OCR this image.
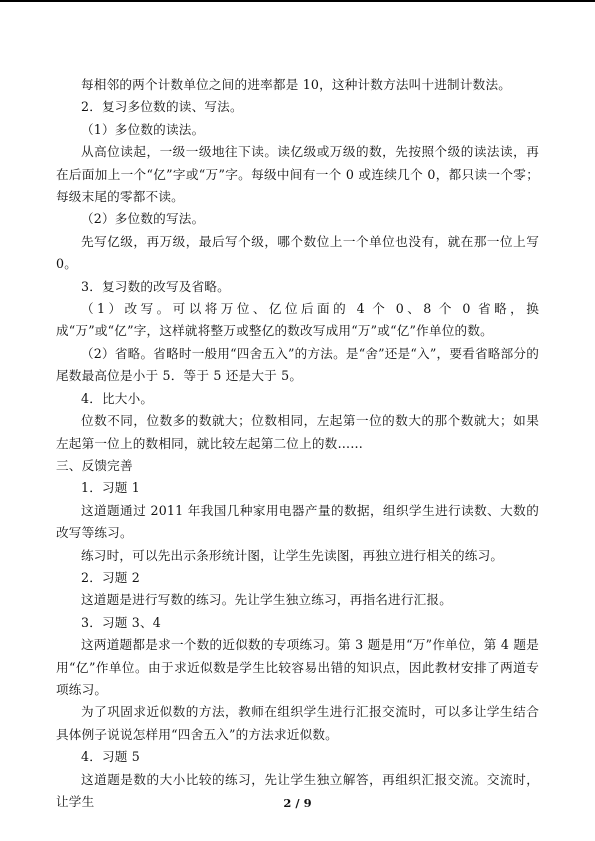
每相邻的两个计数单位之间的进率都是 10，这种计数方法叫十进制计数法。

2．复习多位数的读、写法。

（1）多位数的读法。

从高位读起，一级一级地往下读。读亿级或万级的数，先按照个级的读法读，再在后面加上一个“亿”字或“万”字。每级中间有一个 0 或连续几个 0，都只读一个零；每级末尾的零都不读。

（2）多位数的写法。

先写亿级，再万级，最后写个级，哪个数位上一个单位也没有，就在那一位上写 0。

3．复习数的改写及省略。

（1）改写。可以将万位、亿位后面的 4 个 0、8 个 0 省略，换成“万”或“亿”字，这样就将整万或整亿的数改写成用“万”或“亿”作单位的数。

（2）省略。省略时一般用“四舍五入”的方法。是“舍”还是“入”，要看省略部分的尾数最高位是小于 5．等于 5 还是大于 5。

4．比大小。

位数不同，位数多的数就大；位数相同，左起第一位的数大的那个数就大；如果左起第一位上的数相同，就比较左起第二位上的数……

三、反馈完善

1．习题 1

这道题通过 2011 年我国几种家用电器产量的数据，组织学生进行读数、大数的改写等练习。

练习时，可以先出示条形统计图，让学生先读图，再独立进行相关的练习。

2．习题 2

这道题是进行写数的练习。先让学生独立练习，再指名进行汇报。

3．习题 3、4

这两道题都是求一个数的近似数的专项练习。第 3 题是用“万”作单位，第 4 题是用“亿”作单位。由于求近似数是学生比较容易出错的知识点，因此教材安排了两道专项练习。

为了巩固求近似数的方法，教师在组织学生进行汇报交流时，可以多让学生结合具体例子说说怎样用“四舍五入”的方法求近似数。

4．习题 5

这道题是数的大小比较的练习，先让学生独立解答，再组织汇报交流。交流时，让学生	2 / 9
